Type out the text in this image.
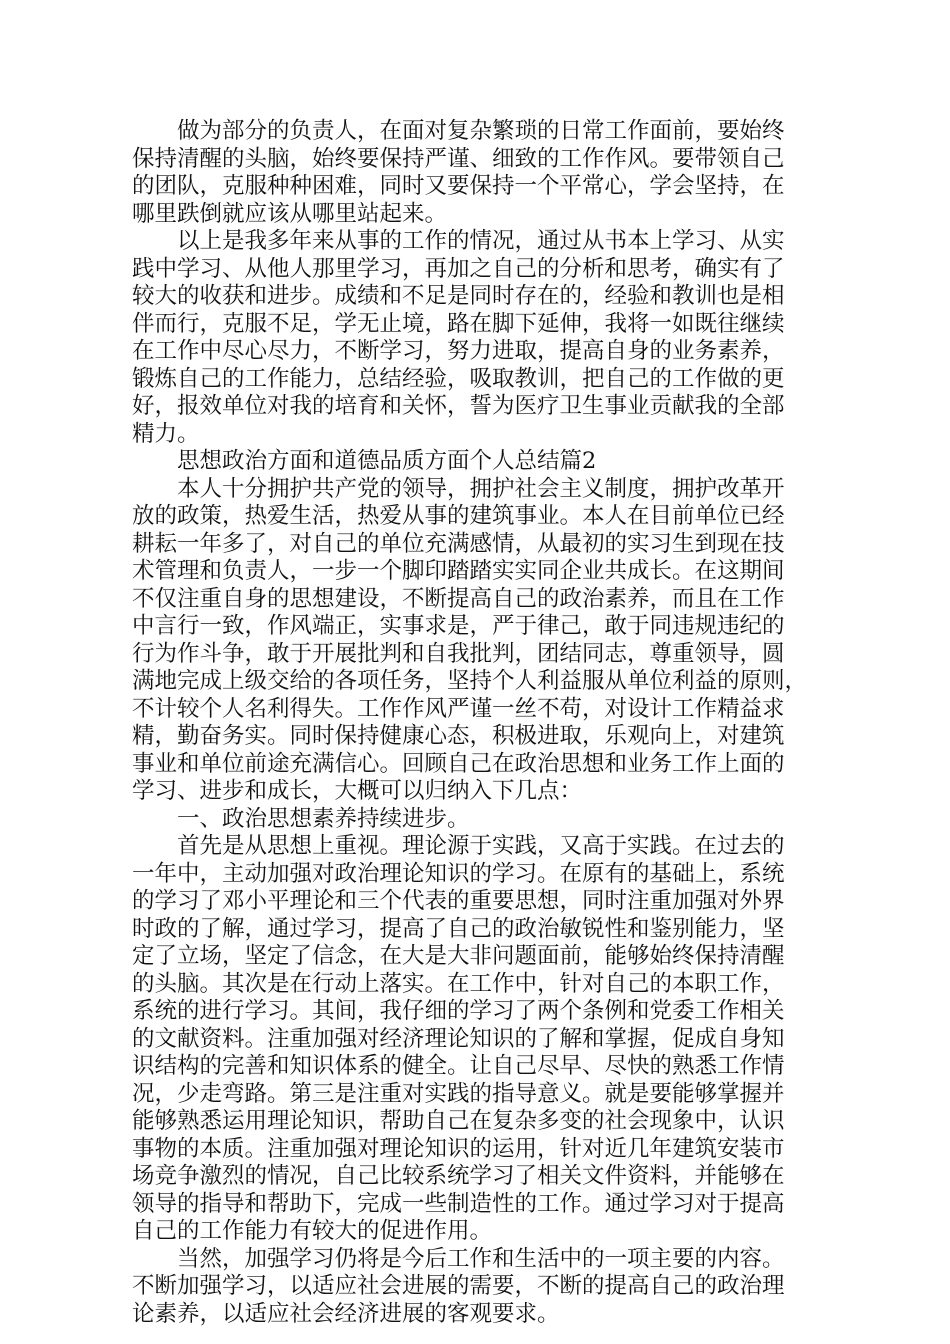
做为部分的负责人，在面对复杂繁琐的日常工作面前，要始终
保持清醒的头脑，始终要保持严谨、细致的工作作风。要带领自己
的团队，克服种种困难，同时又要保持一个平常心，学会坚持，在
哪里跌倒就应该从哪里站起来。

以上是我多年来从事的工作的情况，通过从书本上学习、从实
践中学习、从他人那里学习，再加之自己的分析和思考，确实有了
较大的收获和进步。成绩和不足是同时存在的，经验和教训也是相
伴而行，克服不足，学无止境，路在脚下延伸，我将一如既往继续
在工作中尽心尽力，不断学习，努力进取，提高自身的业务素养，
锻炼自己的工作能力，总结经验，吸取教训，把自己的工作做的更
好，报效单位对我的培育和关怀，誓为医疗卫生事业贡献我的全部
精力。

思想政治方面和道德品质方面个人总结篇2

本人十分拥护共产党的领导，拥护社会主义制度，拥护改革开
放的政策，热爱生活，热爱从事的建筑事业。本人在目前单位已经
耕耘一年多了，对自己的单位充满感情，从最初的实习生到现在技
术管理和负责人，一步一个脚印踏踏实实同企业共成长。在这期间
不仅注重自身的思想建设，不断提高自己的政治素养，而且在工作
中言行一致，作风端正，实事求是，严于律己，敢于同违规违纪的
行为作斗争，敢于开展批判和自我批判，团结同志，尊重领导，圆
满地完成上级交给的各项任务，坚持个人利益服从单位利益的原则，
不计较个人名利得失。工作作风严谨一丝不苟，对设计工作精益求
精，勤奋务实。同时保持健康心态，积极进取，乐观向上，对建筑
事业和单位前途充满信心。回顾自己在政治思想和业务工作上面的
学习、进步和成长，大概可以归纳入下几点：

一、政治思想素养持续进步。

首先是从思想上重视。理论源于实践，又高于实践。在过去的
一年中，主动加强对政治理论知识的学习。在原有的基础上，系统
的学习了邓小平理论和三个代表的重要思想，同时注重加强对外界
时政的了解，通过学习，提高了自己的政治敏锐性和鉴别能力，坚
定了立场，坚定了信念，在大是大非问题面前，能够始终保持清醒
的头脑。其次是在行动上落实。在工作中，针对自己的本职工作，
系统的进行学习。其间，我仔细的学习了两个条例和党委工作相关
的文献资料。注重加强对经济理论知识的了解和掌握，促成自身知
识结构的完善和知识体系的健全。让自己尽早、尽快的熟悉工作情
况，少走弯路。第三是注重对实践的指导意义。就是要能够掌握并
能够熟悉运用理论知识，帮助自己在复杂多变的社会现象中，认识
事物的本质。注重加强对理论知识的运用，针对近几年建筑安装市
场竞争激烈的情况，自己比较系统学习了相关文件资料，并能够在
领导的指导和帮助下，完成一些制造性的工作。通过学习对于提高
自己的工作能力有较大的促进作用。

当然，加强学习仍将是今后工作和生活中的一项主要的内容。
不断加强学习，以适应社会进展的需要，不断的提高自己的政治理
论素养，以适应社会经济进展的客观要求。
